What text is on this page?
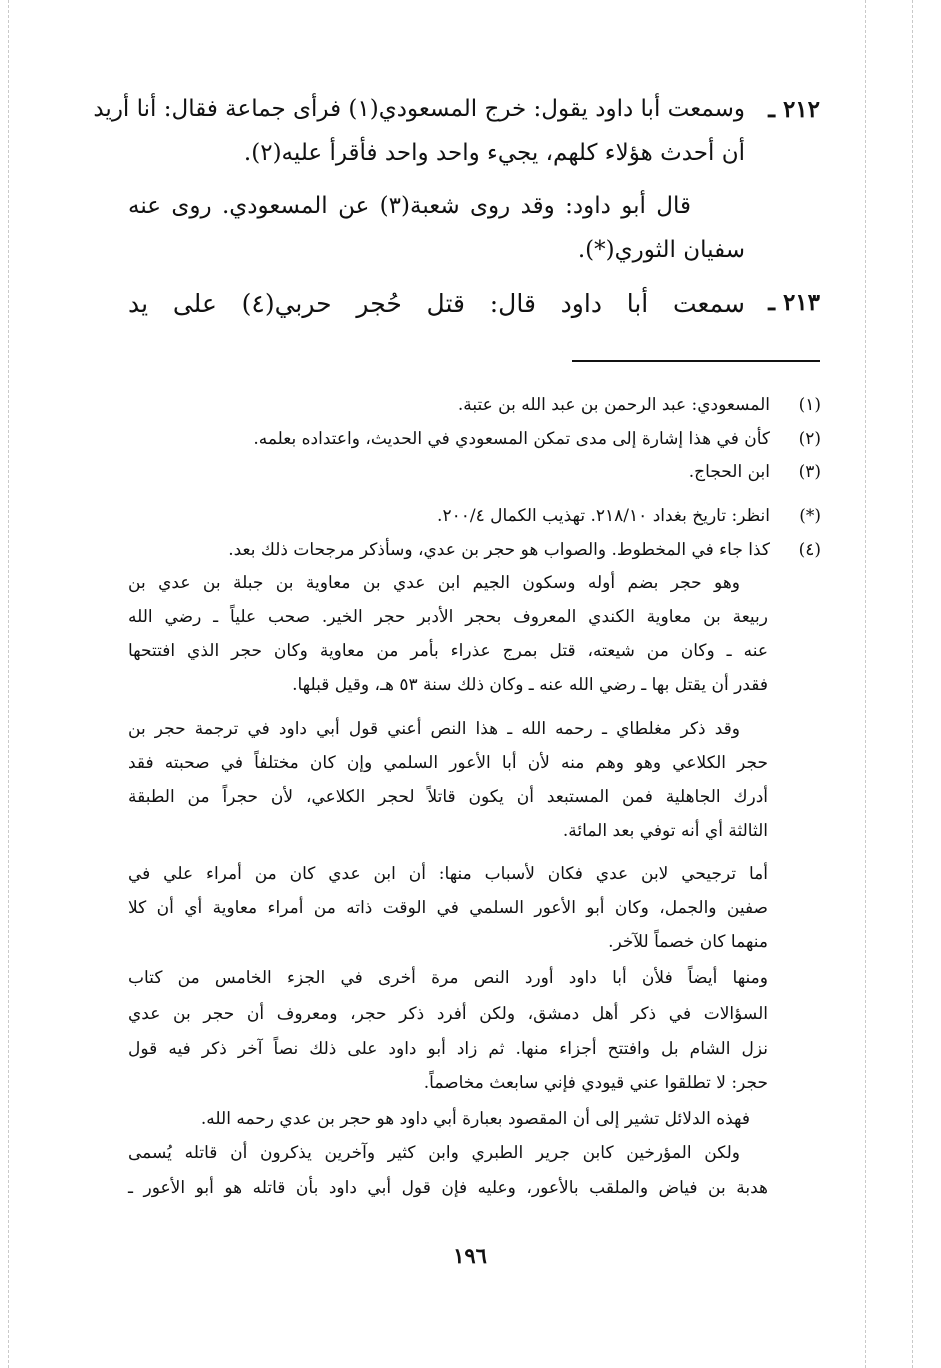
٢١٢ ـ
وسمعت أبا داود يقول: خرج المسعودي(١) فرأى جماعة فقال: أنا أريد
أن أحدث هؤلاء كلهم، يجيء واحد واحد فأقرأ عليه(٢).
قال أبو داود: وقد روى شعبة(٣) عن المسعودي. روى عنه
سفيان الثوري(*).
٢١٣ ـ
سمعت أبا داود قال: قتل حُجر حربي(٤) على يد
(١)
(٢)
(٣)
(*)
(٤)
المسعودي: عبد الرحمن بن عبد الله بن عتبة.
كأن في هذا إشارة إلى مدى تمكن المسعودي في الحديث، واعتداده بعلمه.
ابن الحجاج.
انظر: تاريخ بغداد ٢١٨/١٠. تهذيب الكمال ٢٠٠/٤.
كذا جاء في المخطوط. والصواب هو حجر بن عدي، وسأذكر مرجحات ذلك بعد.
وهو حجر بضم أوله وسكون الجيم ابن عدي بن معاوية بن جبلة بن عدي بن
ربيعة بن معاوية الكندي المعروف بحجر الأدبر حجر الخير. صحب علياً ـ رضي الله
عنه ـ وكان من شيعته، قتل بمرج عذراء بأمر من معاوية وكان حجر الذي افتتحها
فقدر أن يقتل بها ـ رضي الله عنه ـ وكان ذلك سنة ٥٣ هـ، وقيل قبلها.
وقد ذكر مغلطاي ـ رحمه الله ـ هذا النص أعني قول أبي داود في ترجمة حجر بن
حجر الكلاعي وهو وهم منه لأن أبا الأعور السلمي وإن كان مختلفاً في صحبته فقد
أدرك الجاهلية فمن المستبعد أن يكون قاتلاً لحجر الكلاعي، لأن حجراً من الطبقة
الثالثة أي أنه توفي بعد المائة.
أما ترجيحي لابن عدي فكان لأسباب منها: أن ابن عدي كان من أمراء علي في
صفين والجمل، وكان أبو الأعور السلمي في الوقت ذاته من أمراء معاوية أي أن كلا
منهما كان خصماً للآخر.
ومنها أيضاً فلأن أبا داود أورد النص مرة أخرى في الجزء الخامس من كتاب
السؤالات في ذكر أهل دمشق، ولكن أفرد ذكر حجر، ومعروف أن حجر بن عدي
نزل الشام بل وافتتح أجزاء منها. ثم زاد أبو داود على ذلك نصاً آخر ذكر فيه قول
حجر: لا تطلقوا عني قيودي فإني سابعث مخاصماً.
فهذه الدلائل تشير إلى أن المقصود بعبارة أبي داود هو حجر بن عدي رحمه الله.
ولكن المؤرخين كابن جرير الطبري وابن كثير وآخرين يذكرون أن قاتله يُسمى
هدبة بن فياض والملقب بالأعور، وعليه فإن قول أبي داود بأن قاتله هو أبو الأعور ـ
١٩٦
